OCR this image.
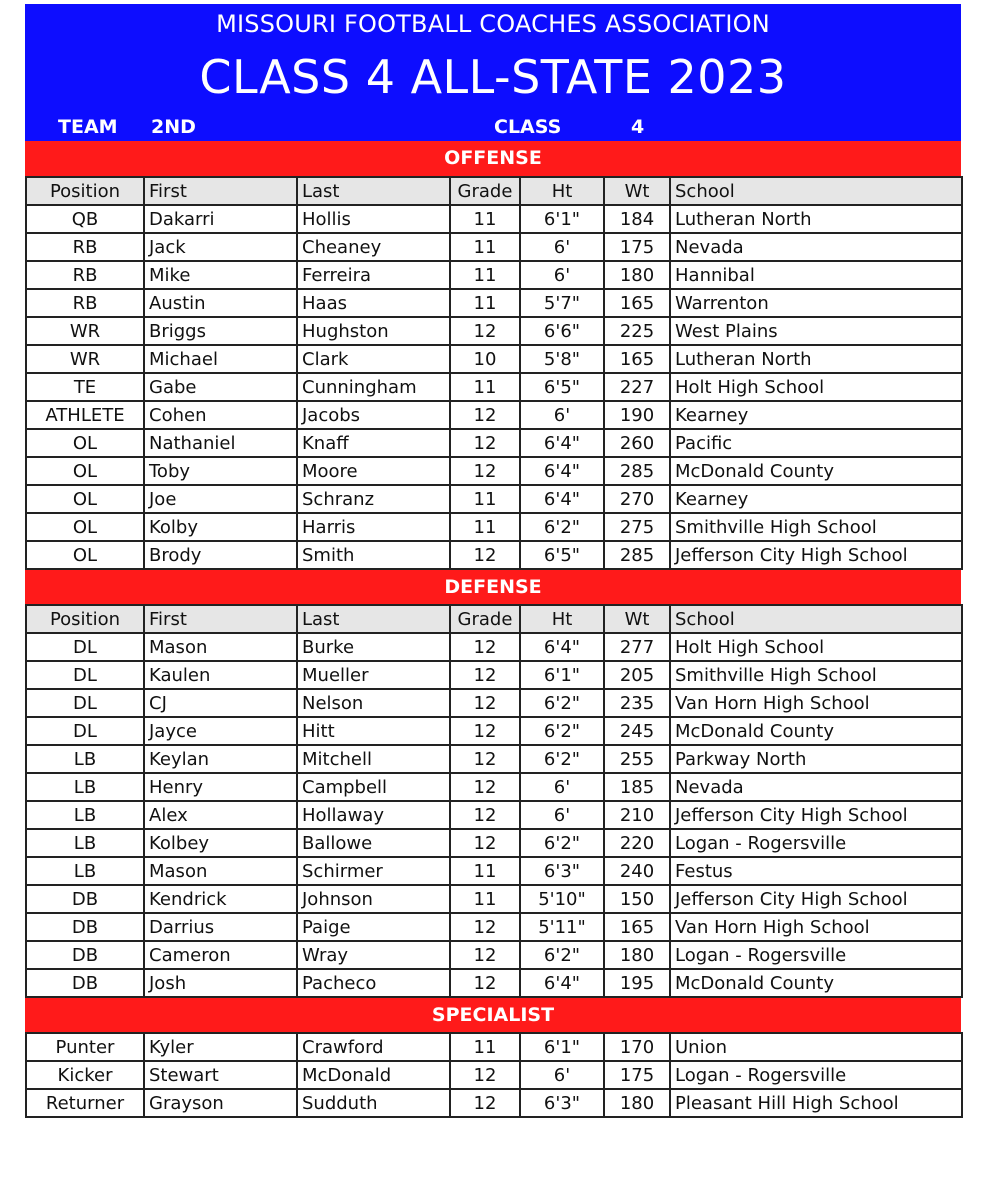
MISSOURI FOOTBALL COACHES ASSOCIATION
CLASS 4 ALL-STATE 2023
TEAM 2ND	CLASS	4
OFFENSE
Position	First	Last	Grade	Ht	Wt	School
QB	Dakarri	Hollis	11	6'1"	184	Lutheran North
RB	Jack	Cheaney	11	6'	175	Nevada
RB	Mike	Ferreira	11	6'	180	Hannibal
RB	Austin	Haas	11	5'7"	165	Warrenton
WR	Briggs	Hughston	12	6'6"	225	West Plains
WR	Michael	Clark	10	5'8"	165	Lutheran North
TE	Gabe	Cunningham	11	6'5"	227	Holt High School
ATHLETE	Cohen	Jacobs	12	6'	190	Kearney
OL	Nathaniel	Knaff	12	6'4"	260	Pacific
OL	Toby	Moore	12	6'4"	285	McDonald County
OL	Joe	Schranz	11	6'4"	270	Kearney
OL	Kolby	Harris	11	6'2"	275	Smithville High School
OL	Brody	Smith	12	6'5"	285	Jefferson City High School
DEFENSE
Position	First	Last	Grade	Ht	Wt	School
DL	Mason	Burke	12	6'4"	277	Holt High School
DL	Kaulen	Mueller	12	6'1"	205	Smithville High School
DL	CJ	Nelson	12	6'2"	235	Van Horn High School
DL	Jayce	Hitt	12	6'2"	245	McDonald County
LB	Keylan	Mitchell	12	6'2"	255	Parkway North
LB	Henry	Campbell	12	6'	185	Nevada
LB	Alex	Hollaway	12	6'	210	Jefferson City High School
LB	Kolbey	Ballowe	12	6'2"	220	Logan - Rogersville
LB	Mason	Schirmer	11	6'3"	240	Festus
DB	Kendrick	Johnson	11	5'10"	150	Jefferson City High School
DB	Darrius	Paige	12	5'11"	165	Van Horn High School
DB	Cameron	Wray	12	6'2"	180	Logan - Rogersville
DB	Josh	Pacheco	12	6'4"	195	McDonald County
SPECIALIST
Punter	Kyler	Crawford	11	6'1"	170	Union
Kicker	Stewart	McDonald	12	6'	175	Logan - Rogersville
Returner	Grayson	Sudduth	12	6'3"	180	Pleasant Hill High School
